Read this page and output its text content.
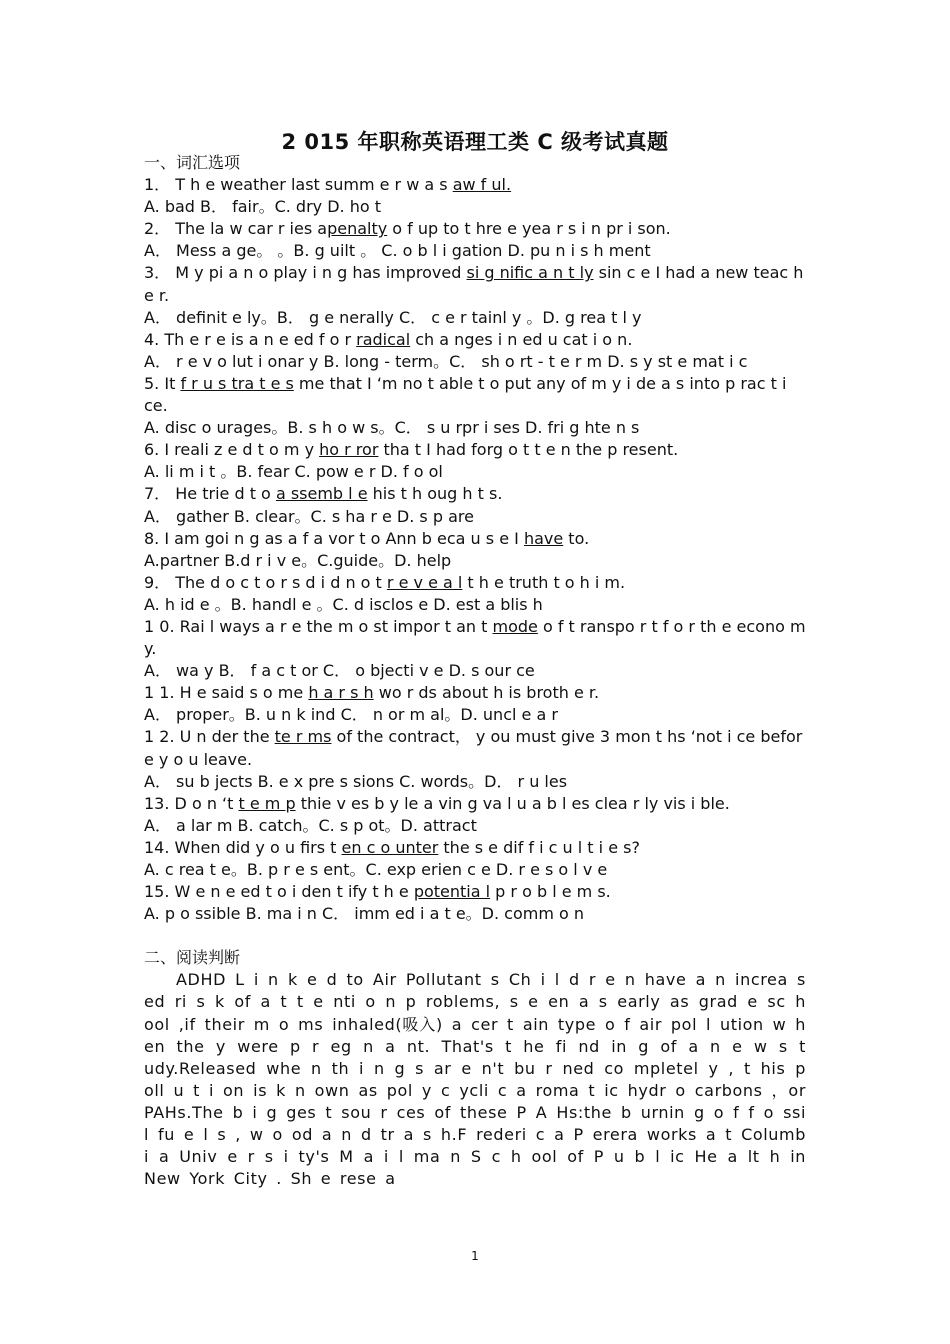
2 015 年职称英语理工类 C 级考试真题
一、词汇选项
1． T h e weather last summ e r w a s aw f ul.
A. bad B． fair。C. dry D. ho t
2． The la w car r ies apenalty o f up to t hre e yea r s i n pr i son.
A． Mess a ge。 。B. g uilt 。 C. o b l i gation D. pu n i s h ment
3． M y pi a n o play i n g has improved si g nific a n t ly sin c e I had a new teac h e r.
A． definit e ly。B． g e nerally C． c e r tainl y 。D. g rea t l y
4. Th e r e is a n e ed f o r radical ch a nges i n ed u cat i o n.
A． r e v o lut i onar y B. long - term。C． sh o rt - t e r m D. s y st e mat i c
5. It f r u s tra t e s me that I ‘m no t able t o put any of m y i de a s into p rac t i ce.
A. disc o urages。B. s h o w s。C． s u rpr i ses D. fri g hte n s
6. I reali z e d t o m y ho r ror tha t I had forg o t t e n the p resent.
A. li m i t 。B. fear C. pow e r D. f o ol
7． He trie d t o a ssemb l e his t h oug h t s.
A． gather B. clear。C. s ha r e D. s p are
8. I am goi n g as a f a vor t o Ann b eca u s e I have to.
A.partner B.d r i v e。C.guide。D. help
9． The d o c t o r s d i d n o t r e v e a l t h e truth t o h i m.
A. h id e 。B. handl e 。C. d isclos e D. est a blis h
1 0. Rai l ways a r e the m o st impor t an t mode o f t ranspo r t f o r th e econo m y.
A． wa y B． f a c t or C． o bjecti v e D. s our ce
1 1. H e said s o me h a r s h wo r ds about h is broth e r.
A． proper。B. u n k ind C． n or m al。D. uncl e a r
1 2. U n der the te r ms of the contract， y ou must give 3 mon t hs ‘not i ce befor e y o u leave.
A． su b jects B. e x pre s sions C. words。D． r u les
13. D o n ‘t t e m p thie v es b y le a vin g va l u a b l es clea r ly vis i ble.
A． a lar m B. catch。C. s p ot。D. attract
14. When did y o u firs t en c o unter the s e dif f i c u l t i e s?
A. c rea t e。B. p r e s ent。C. exp erien c e D. r e s o l v e
15. W e n e ed t o i den t ify t h e potentia l p r o b l e m s.
A. p o ssible B. ma i n C． imm ed i a t e。D. comm o n
二、阅读判断
ADHD L i n k e d to Air Pollutant s Ch i l d r e n have a n increa s ed ri s k of a t t e nti o n p roblems, s e en a s early as grad e sc h ool ,if their m o ms inhaled(吸入) a cer t ain type o f air pol l ution w h en the y were p r eg n a nt. That's t he fi nd in g of a n e w s t udy.Released whe n th i n g s ar e n't bu r ned co mpletel y , t his p oll u t i on is k n own as pol y c ycli c a roma t ic hydr o carbons ，or PAHs.The b i g ges t sou r ces of these P A Hs:the b urnin g o f f o ssi l fu e l s , w o od a n d tr a s h.F rederi c a P erera works a t Columb i a Univ e r s i ty's M a i l ma n S c h ool of P u b l ic He a lt h in New York City . Sh e rese a
1
